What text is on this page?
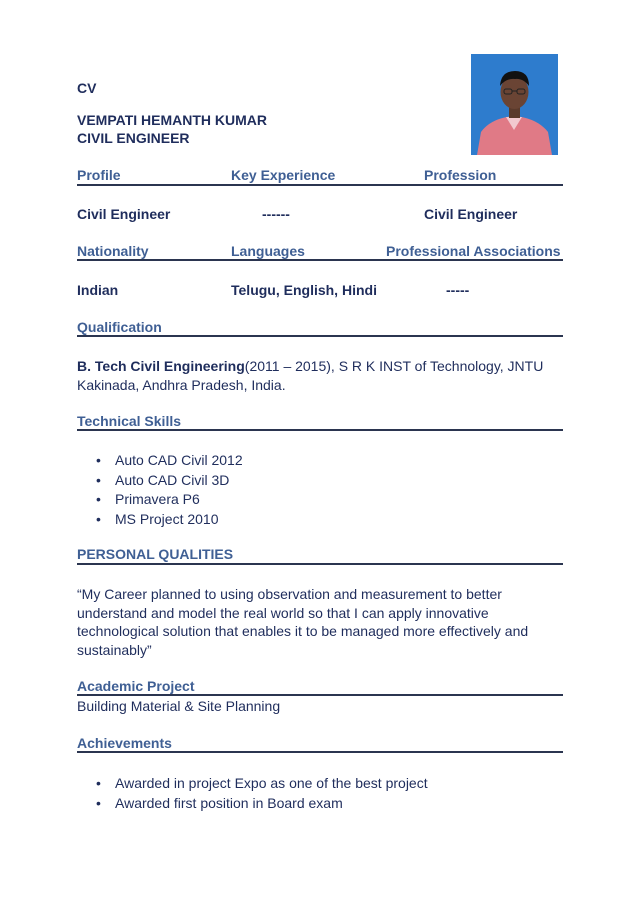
CV
VEMPATI HEMANTH KUMAR
CIVIL ENGINEER
Profile	Key Experience	Profession
Civil Engineer	------	Civil Engineer
Nationality	Languages	Professional Associations
Indian	Telugu, English, Hindi	-----
Qualification
B. Tech Civil Engineering(2011 – 2015), S R K INST of Technology, JNTU
Kakinada, Andhra Pradesh, India.
Technical Skills
• Auto CAD Civil 2012
• Auto CAD Civil 3D
• Primavera P6
• MS Project 2010
PERSONAL QUALITIES
“My Career planned to using observation and measurement to better
understand and model the real world so that I can apply innovative
technological solution that enables it to be managed more effectively and
sustainably”
Academic Project
Building Material & Site Planning
Achievements
• Awarded in project Expo as one of the best project
• Awarded first position in Board exam
